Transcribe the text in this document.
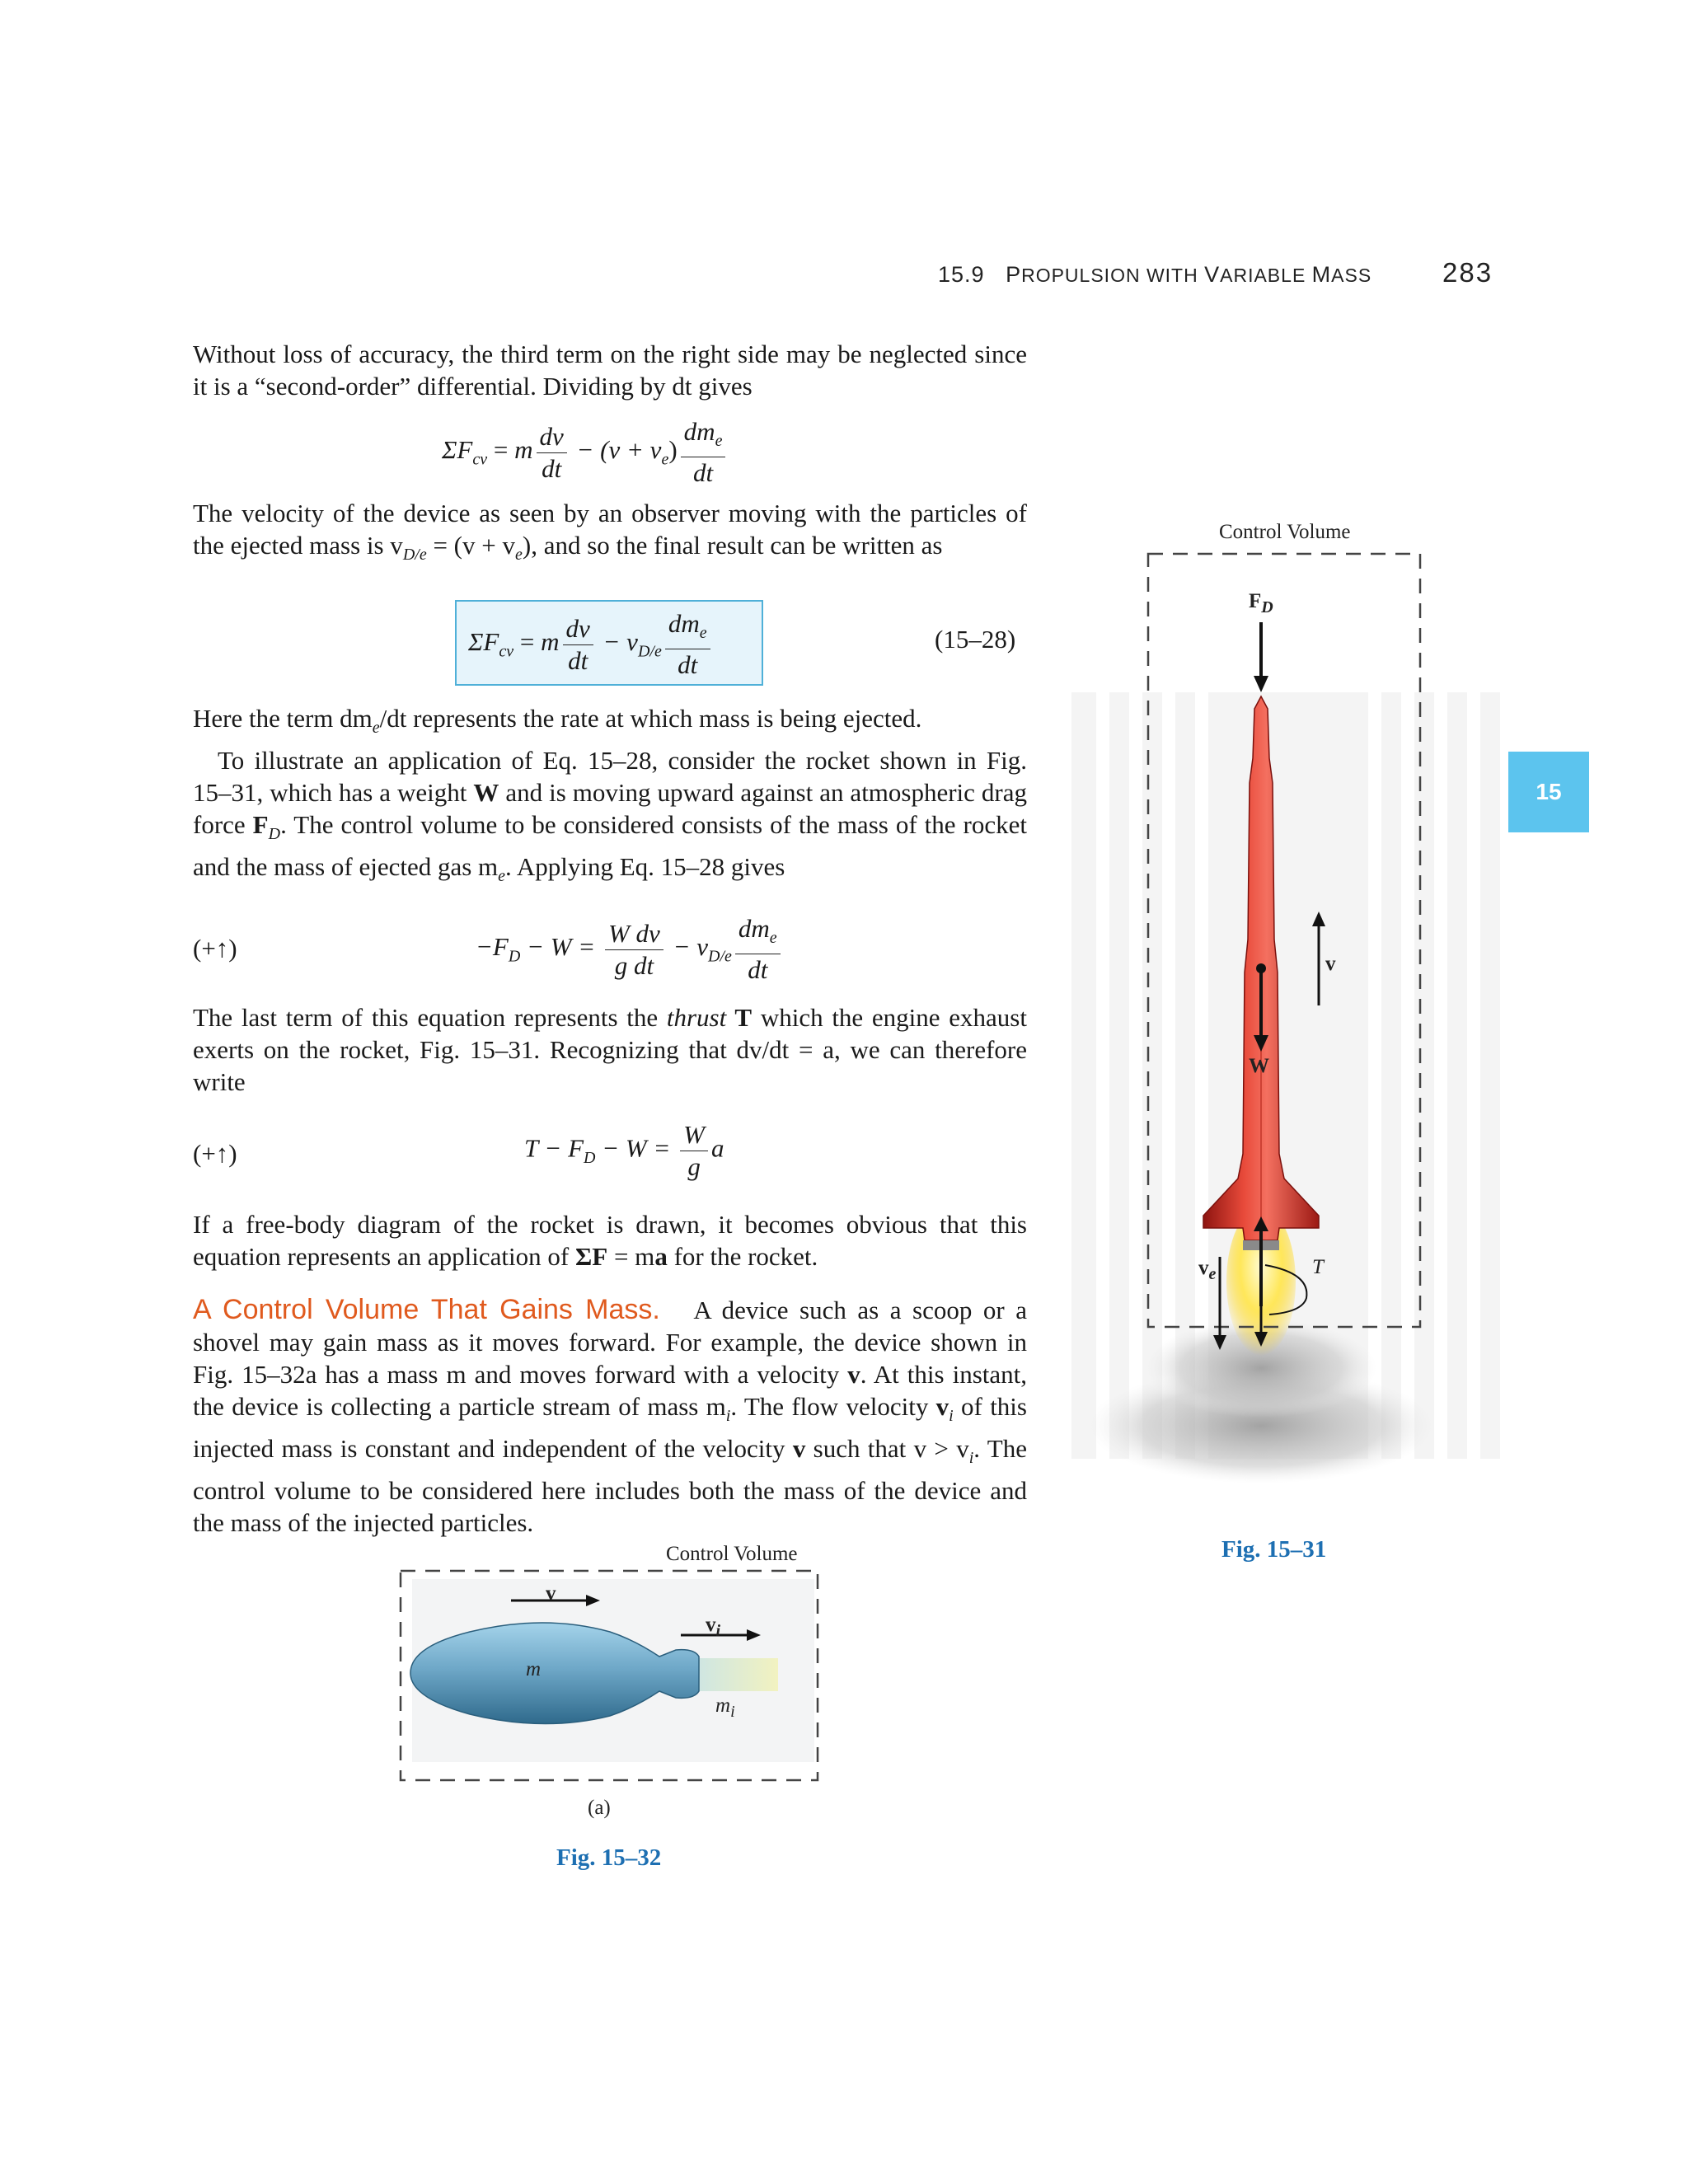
15.9 PROPULSION WITH VARIABLE MASS	283
15

Without loss of accuracy, the third term on the right side may be neglected since it is a “second-order” differential. Dividing by dt gives

$\Sigma F_{cv} = m \frac{dv}{dt} - (v + v_e) \frac{dm_e}{dt}$

The velocity of the device as seen by an observer moving with the particles of the ejected mass is $v_{D/e} = (v + v_e)$, and so the final result can be written as

$\Sigma F_{cv} = m \frac{dv}{dt} - v_{D/e} \frac{dm_e}{dt}$	(15–28)

Here the term $dm_e/dt$ represents the rate at which mass is being ejected.

To illustrate an application of Eq. 15–28, consider the rocket shown in Fig. 15–31, which has a weight W and is moving upward against an atmospheric drag force $F_D$. The control volume to be considered consists of the mass of the rocket and the mass of ejected gas $m_e$. Applying Eq. 15–28 gives

(+↑)	$-F_D - W = \frac{\text{W dv}}{\text{g dt}} - v_{D/e} \frac{dm_e}{dt}$

The last term of this equation represents the thrust T which the engine exhaust exerts on the rocket, Fig. 15–31. Recognizing that dv/dt = a, we can therefore write

(+↑)	$T - F_D - W = \frac{W}{g}$ a

If a free-body diagram of the rocket is drawn, it becomes obvious that this equation represents an application of ΣF = ma for the rocket.

A Control Volume That Gains Mass. A device such as a scoop or a shovel may gain mass as it moves forward. For example, the device shown in Fig. 15–32a has a mass m and moves forward with a velocity v. At this instant, the device is collecting a particle stream of mass $m_i$. The flow velocity $v_i$ of this injected mass is constant and independent of the velocity v such that $v > v_i$. The control volume to be considered here includes both the mass of the device and the mass of the injected particles.

Control Volume
$F_D$
v
W
$v_e$	T
Fig. 15–31
Control Volume
v
$v_i$
m
$m_i$
(a)
Fig. 15–32
